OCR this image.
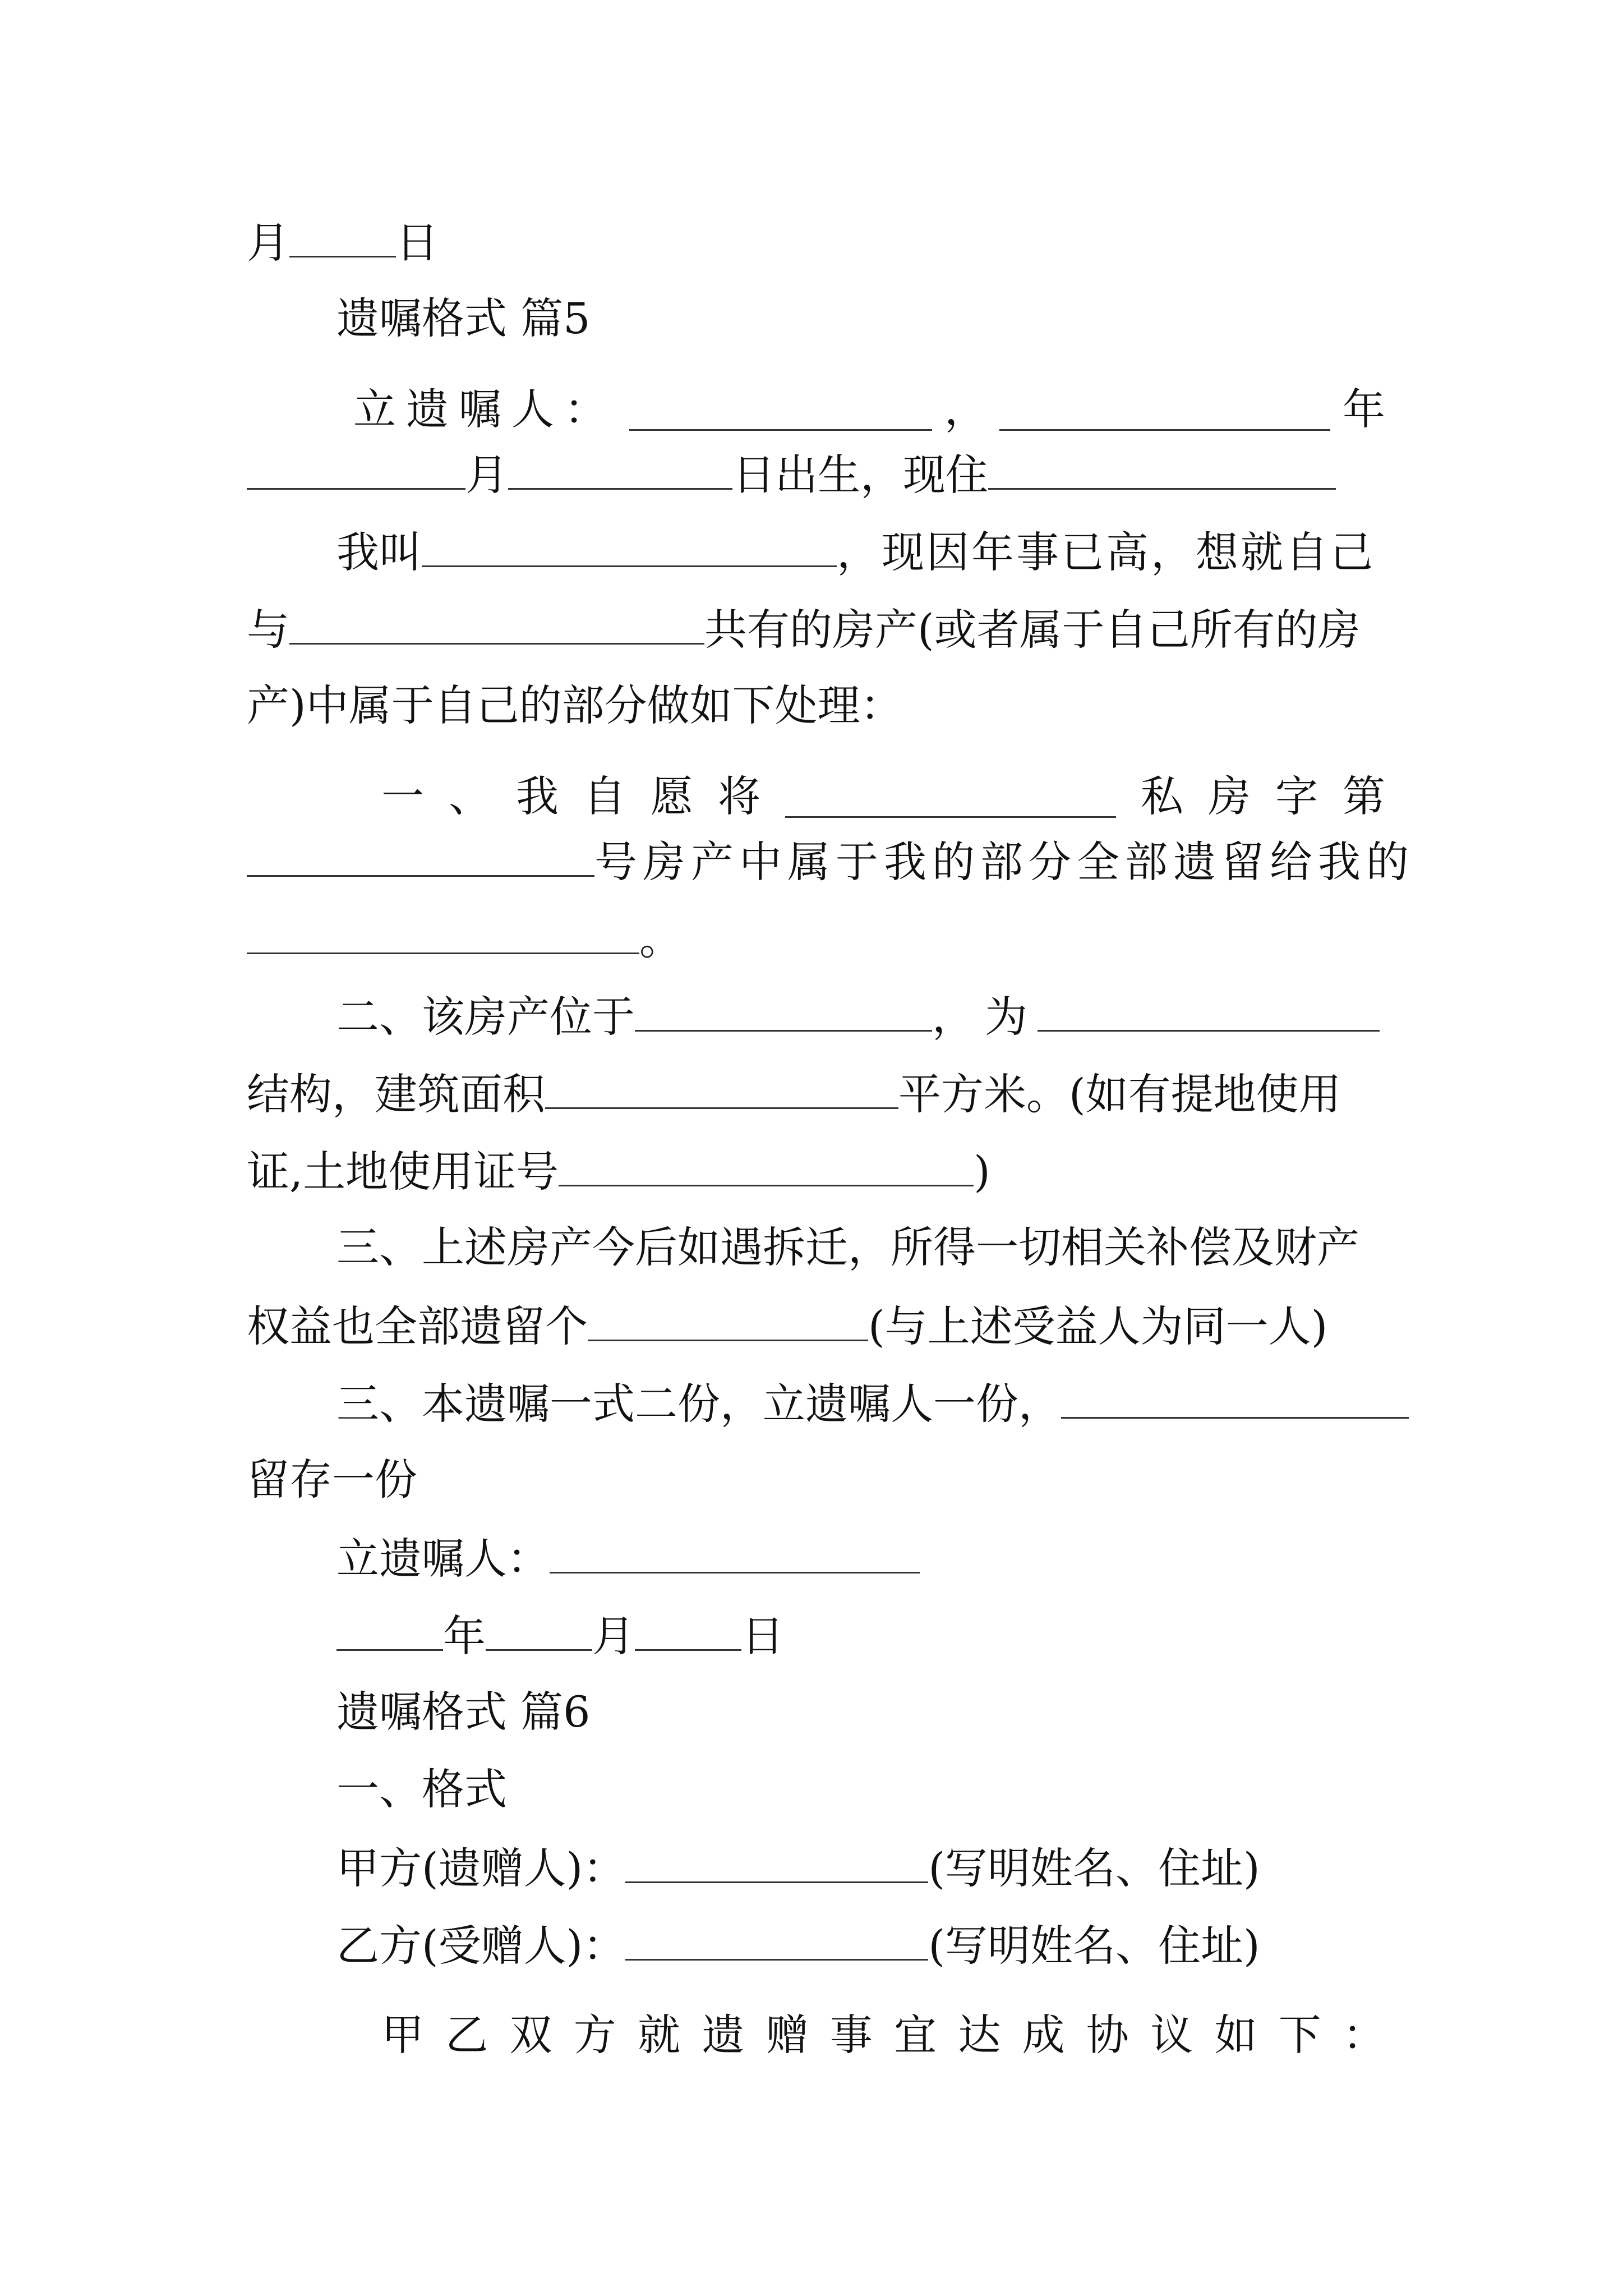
月	日
遗嘱格式 篇5
立遗嘱人：	，	年
月	日出生，现住
我叫	，现因年事已高，想就自己
与	共有的房产(或者属于自己所有的房
产)中属于自己的部分做如下处理：
一 、 我 自 愿 将	私 房 字 第
号房产中属于我的部分全部遗留给我的
。
二、该房产位于	，为
结构，建筑面积	平方米。(如有提地使用
证,土地使用证号	)
三、上述房产今后如遇拆迁，所得一切相关补偿及财产
权益也全部遗留个	(与上述受益人为同一人)
三、本遗嘱一式二份，立遗嘱人一份，
留存一份
立遗嘱人：
年	月	日
遗嘱格式 篇6
一、格式
甲方(遗赠人)：	(写明姓名、住址)
乙方(受赠人)：	(写明姓名、住址)
甲 乙 双 方 就 遗 赠 事 宜 达 成 协 议 如 下 ：
